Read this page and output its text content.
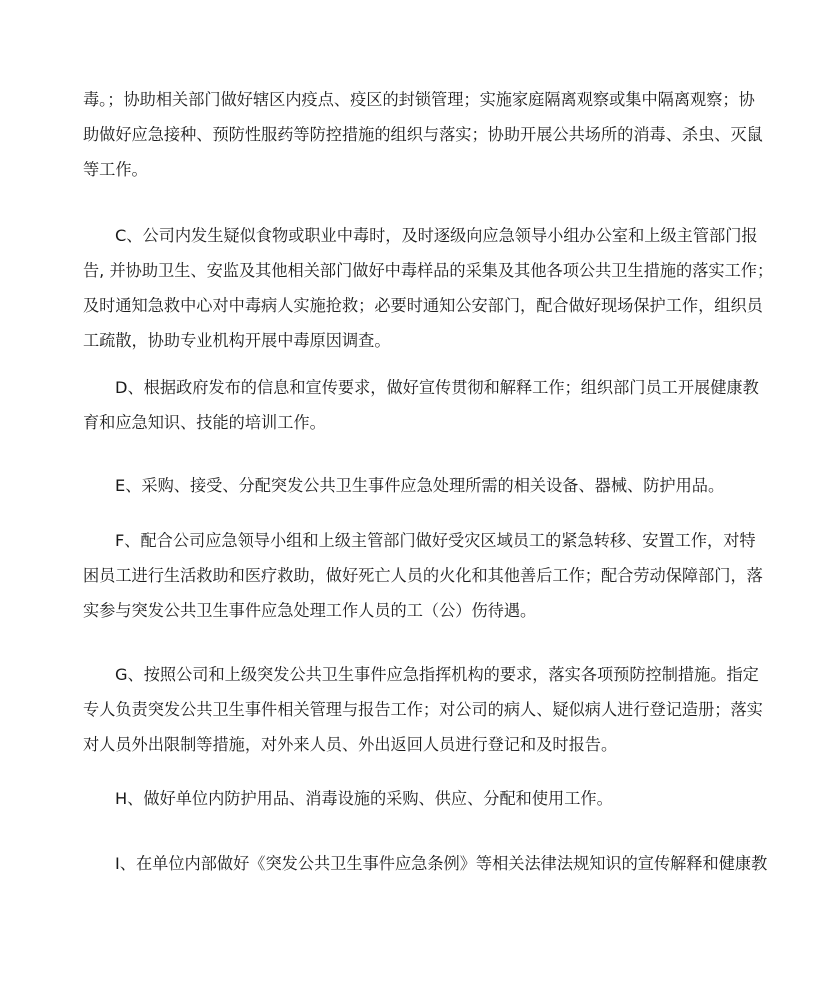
毒。；协助相关部门做好辖区内疫点、疫区的封锁管理；实施家庭隔离观察或集中隔离观察；协
助做好应急接种、预防性服药等防控措施的组织与落实；协助开展公共场所的消毒、杀虫、灭鼠
等工作。
C、公司内发生疑似食物或职业中毒时，及时逐级向应急领导小组办公室和上级主管部门报
告, 并协助卫生、安监及其他相关部门做好中毒样品的采集及其他各项公共卫生措施的落实工作；
及时通知急救中心对中毒病人实施抢救；必要时通知公安部门，配合做好现场保护工作，组织员
工疏散，协助专业机构开展中毒原因调查。
D、根据政府发布的信息和宣传要求，做好宣传贯彻和解释工作；组织部门员工开展健康教
育和应急知识、技能的培训工作。
E、采购、接受、分配突发公共卫生事件应急处理所需的相关设备、器械、防护用品。
F、配合公司应急领导小组和上级主管部门做好受灾区域员工的紧急转移、安置工作，对特
困员工进行生活救助和医疗救助，做好死亡人员的火化和其他善后工作；配合劳动保障部门，落
实参与突发公共卫生事件应急处理工作人员的工（公）伤待遇。
G、按照公司和上级突发公共卫生事件应急指挥机构的要求，落实各项预防控制措施。指定
专人负责突发公共卫生事件相关管理与报告工作；对公司的病人、疑似病人进行登记造册；落实
对人员外出限制等措施，对外来人员、外出返回人员进行登记和及时报告。
H、做好单位内防护用品、消毒设施的采购、供应、分配和使用工作。
I、在单位内部做好《突发公共卫生事件应急条例》等相关法律法规知识的宣传解释和健康教
